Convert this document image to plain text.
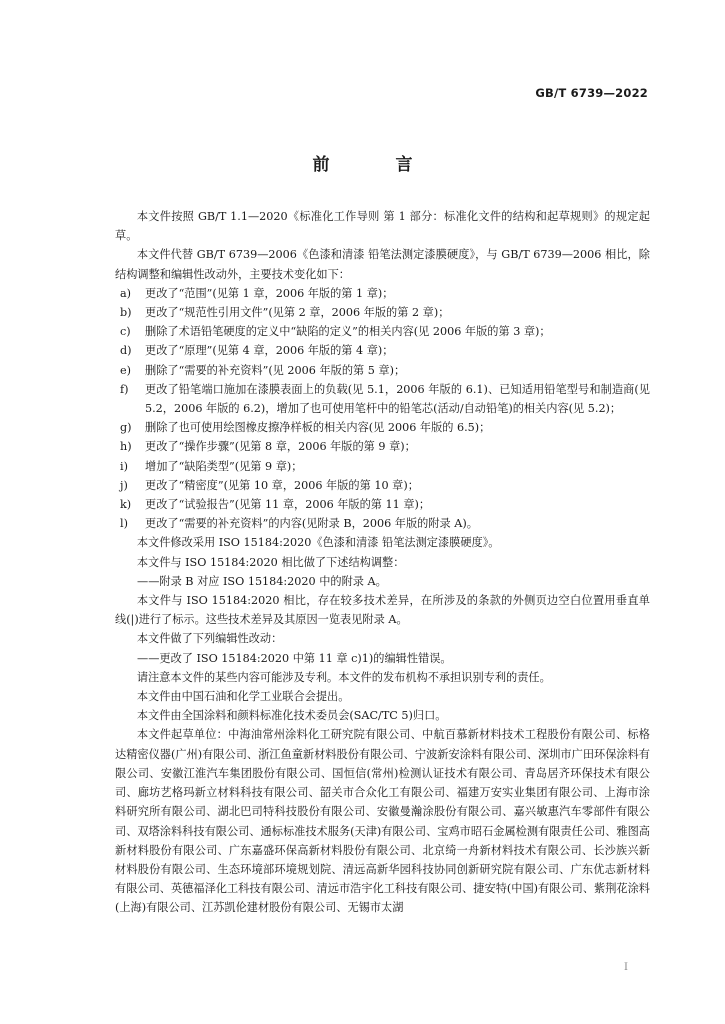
GB/T 6739—2022
前 言

本文件按照 GB/T 1.1—2020《标准化工作导则 第 1 部分：标准化文件的结构和起草规则》的规定起草。

本文件代替 GB/T 6739—2006《色漆和清漆 铅笔法测定漆膜硬度》，与 GB/T 6739—2006 相比，除结构调整和编辑性改动外，主要技术变化如下：

a)	更改了“范围”(见第 1 章，2006 年版的第 1 章)；
b)	更改了“规范性引用文件”(见第 2 章，2006 年版的第 2 章)；
c)	删除了术语铅笔硬度的定义中“缺陷的定义”的相关内容(见 2006 年版的第 3 章)；
d)	更改了“原理”(见第 4 章，2006 年版的第 4 章)；
e)	删除了“需要的补充资料”(见 2006 年版的第 5 章)；
f)	更改了铅笔端口施加在漆膜表面上的负载(见 5.1，2006 年版的 6.1)、已知适用铅笔型号和制造商(见 5.2，2006 年版的 6.2)，增加了也可使用笔杆中的铅笔芯(活动/自动铅笔)的相关内容(见 5.2)；
g)	删除了也可使用绘图橡皮擦净样板的相关内容(见 2006 年版的 6.5)；
h)	更改了“操作步骤”(见第 8 章，2006 年版的第 9 章)；
i)	增加了“缺陷类型”(见第 9 章)；
j)	更改了“精密度”(见第 10 章，2006 年版的第 10 章)；
k)	更改了“试验报告”(见第 11 章，2006 年版的第 11 章)；
l)	更改了“需要的补充资料”的内容(见附录 B，2006 年版的附录 A)。

本文件修改采用 ISO 15184:2020《色漆和清漆 铅笔法测定漆膜硬度》。

本文件与 ISO 15184:2020 相比做了下述结构调整：

——附录 B 对应 ISO 15184:2020 中的附录 A。

本文件与 ISO 15184:2020 相比，存在较多技术差异，在所涉及的条款的外侧页边空白位置用垂直单线(|)进行了标示。这些技术差异及其原因一览表见附录 A。

本文件做了下列编辑性改动：

——更改了 ISO 15184:2020 中第 11 章 c)1)的编辑性错误。

请注意本文件的某些内容可能涉及专利。本文件的发布机构不承担识别专利的责任。

本文件由中国石油和化学工业联合会提出。

本文件由全国涂料和颜料标准化技术委员会(SAC/TC 5)归口。

本文件起草单位：中海油常州涂料化工研究院有限公司、中航百慕新材料技术工程股份有限公司、标格达精密仪器(广州)有限公司、浙江鱼童新材料股份有限公司、宁波新安涂料有限公司、深圳市广田环保涂料有限公司、安徽江淮汽车集团股份有限公司、国恒信(常州)检测认证技术有限公司、青岛居齐环保技术有限公司、廊坊艺格玛新立材料科技有限公司、韶关市合众化工有限公司、福建万安实业集团有限公司、上海市涂料研究所有限公司、湖北巴司特科技股份有限公司、安徽曼瀚涂股份有限公司、嘉兴敏惠汽车零部件有限公司、双塔涂料科技有限公司、通标标准技术服务(天津)有限公司、宝鸡市昭石金属检测有限责任公司、雅图高新材料股份有限公司、广东嘉盛环保高新材料股份有限公司、北京绮一舟新材料技术有限公司、长沙族兴新材料股份有限公司、生态环境部环境规划院、清远高新华园科技协同创新研究院有限公司、广东优志新材料有限公司、英德福泽化工科技有限公司、清远市浩宇化工科技有限公司、捷安特(中国)有限公司、紫荆花涂料(上海)有限公司、江苏凯伦建材股份有限公司、无锡市太湖

I
